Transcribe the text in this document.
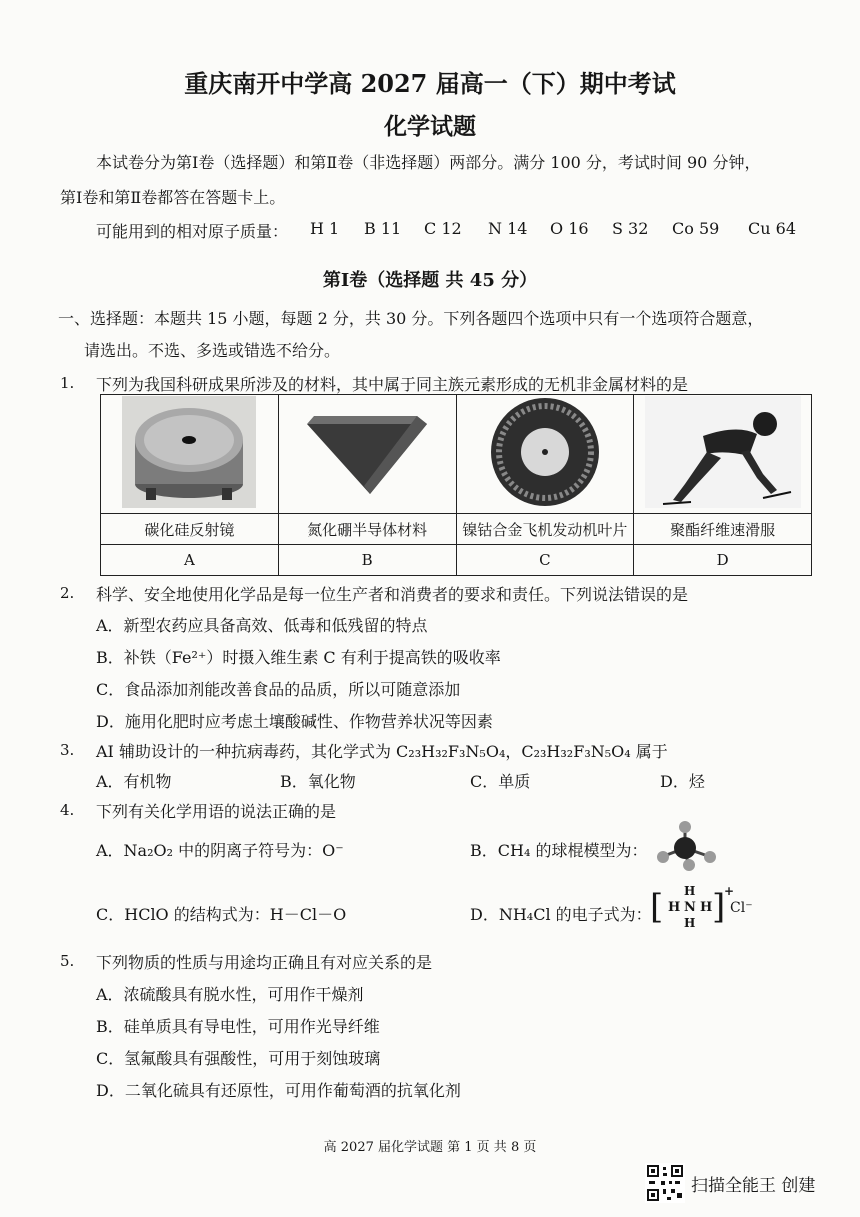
重庆南开中学高 2027 届高一（下）期中考试
化学试题
本试卷分为第Ⅰ卷（选择题）和第Ⅱ卷（非选择题）两部分。满分 100 分，考试时间 90 分钟，
第Ⅰ卷和第Ⅱ卷都答在答题卡上。
可能用到的相对原子质量： H 1 B 11 C 12 N 14 O 16 S 32 Co 59 Cu 64
第Ⅰ卷（选择题 共 45 分）
一、选择题：本题共 15 小题，每题 2 分，共 30 分。下列各题四个选项中只有一个选项符合题意，
请选出。不选、多选或错选不给分。
1. 下列为我国科研成果所涉及的材料，其中属于同主族元素形成的无机非金属材料的是

碳化硅反射镜	氮化硼半导体材料	镍钴合金飞机发动机叶片	聚酯纤维速滑服
A	B	C	D
2. 科学、安全地使用化学品是每一位生产者和消费者的要求和责任。下列说法错误的是
A．新型农药应具备高效、低毒和低残留的特点
B．补铁（Fe²⁺）时摄入维生素 C 有利于提高铁的吸收率
C．食品添加剂能改善食品的品质，所以可随意添加
D．施用化肥时应考虑土壤酸碱性、作物营养状况等因素
3. AI 辅助设计的一种抗病毒药，其化学式为 C₂₃H₃₂F₃N₅O₄，C₂₃H₃₂F₃N₅O₄ 属于
A．有机物	B．氧化物	C．单质	D．烃
4. 下列有关化学用语的说法正确的是
A．Na₂O₂ 中的阴离子符号为：O⁻	B．CH₄ 的球棍模型为：
C．HClO 的结构式为：H－Cl－O	D．NH₄Cl 的电子式为：
[ H
H N H
H ]
+
Cl⁻
5. 下列物质的性质与用途均正确且有对应关系的是
A．浓硫酸具有脱水性，可用作干燥剂
B．硅单质具有导电性，可用作光导纤维
C．氢氟酸具有强酸性，可用于刻蚀玻璃
D．二氧化硫具有还原性，可用作葡萄酒的抗氧化剂
高 2027 届化学试题 第 1 页 共 8 页
扫描全能王 创建
